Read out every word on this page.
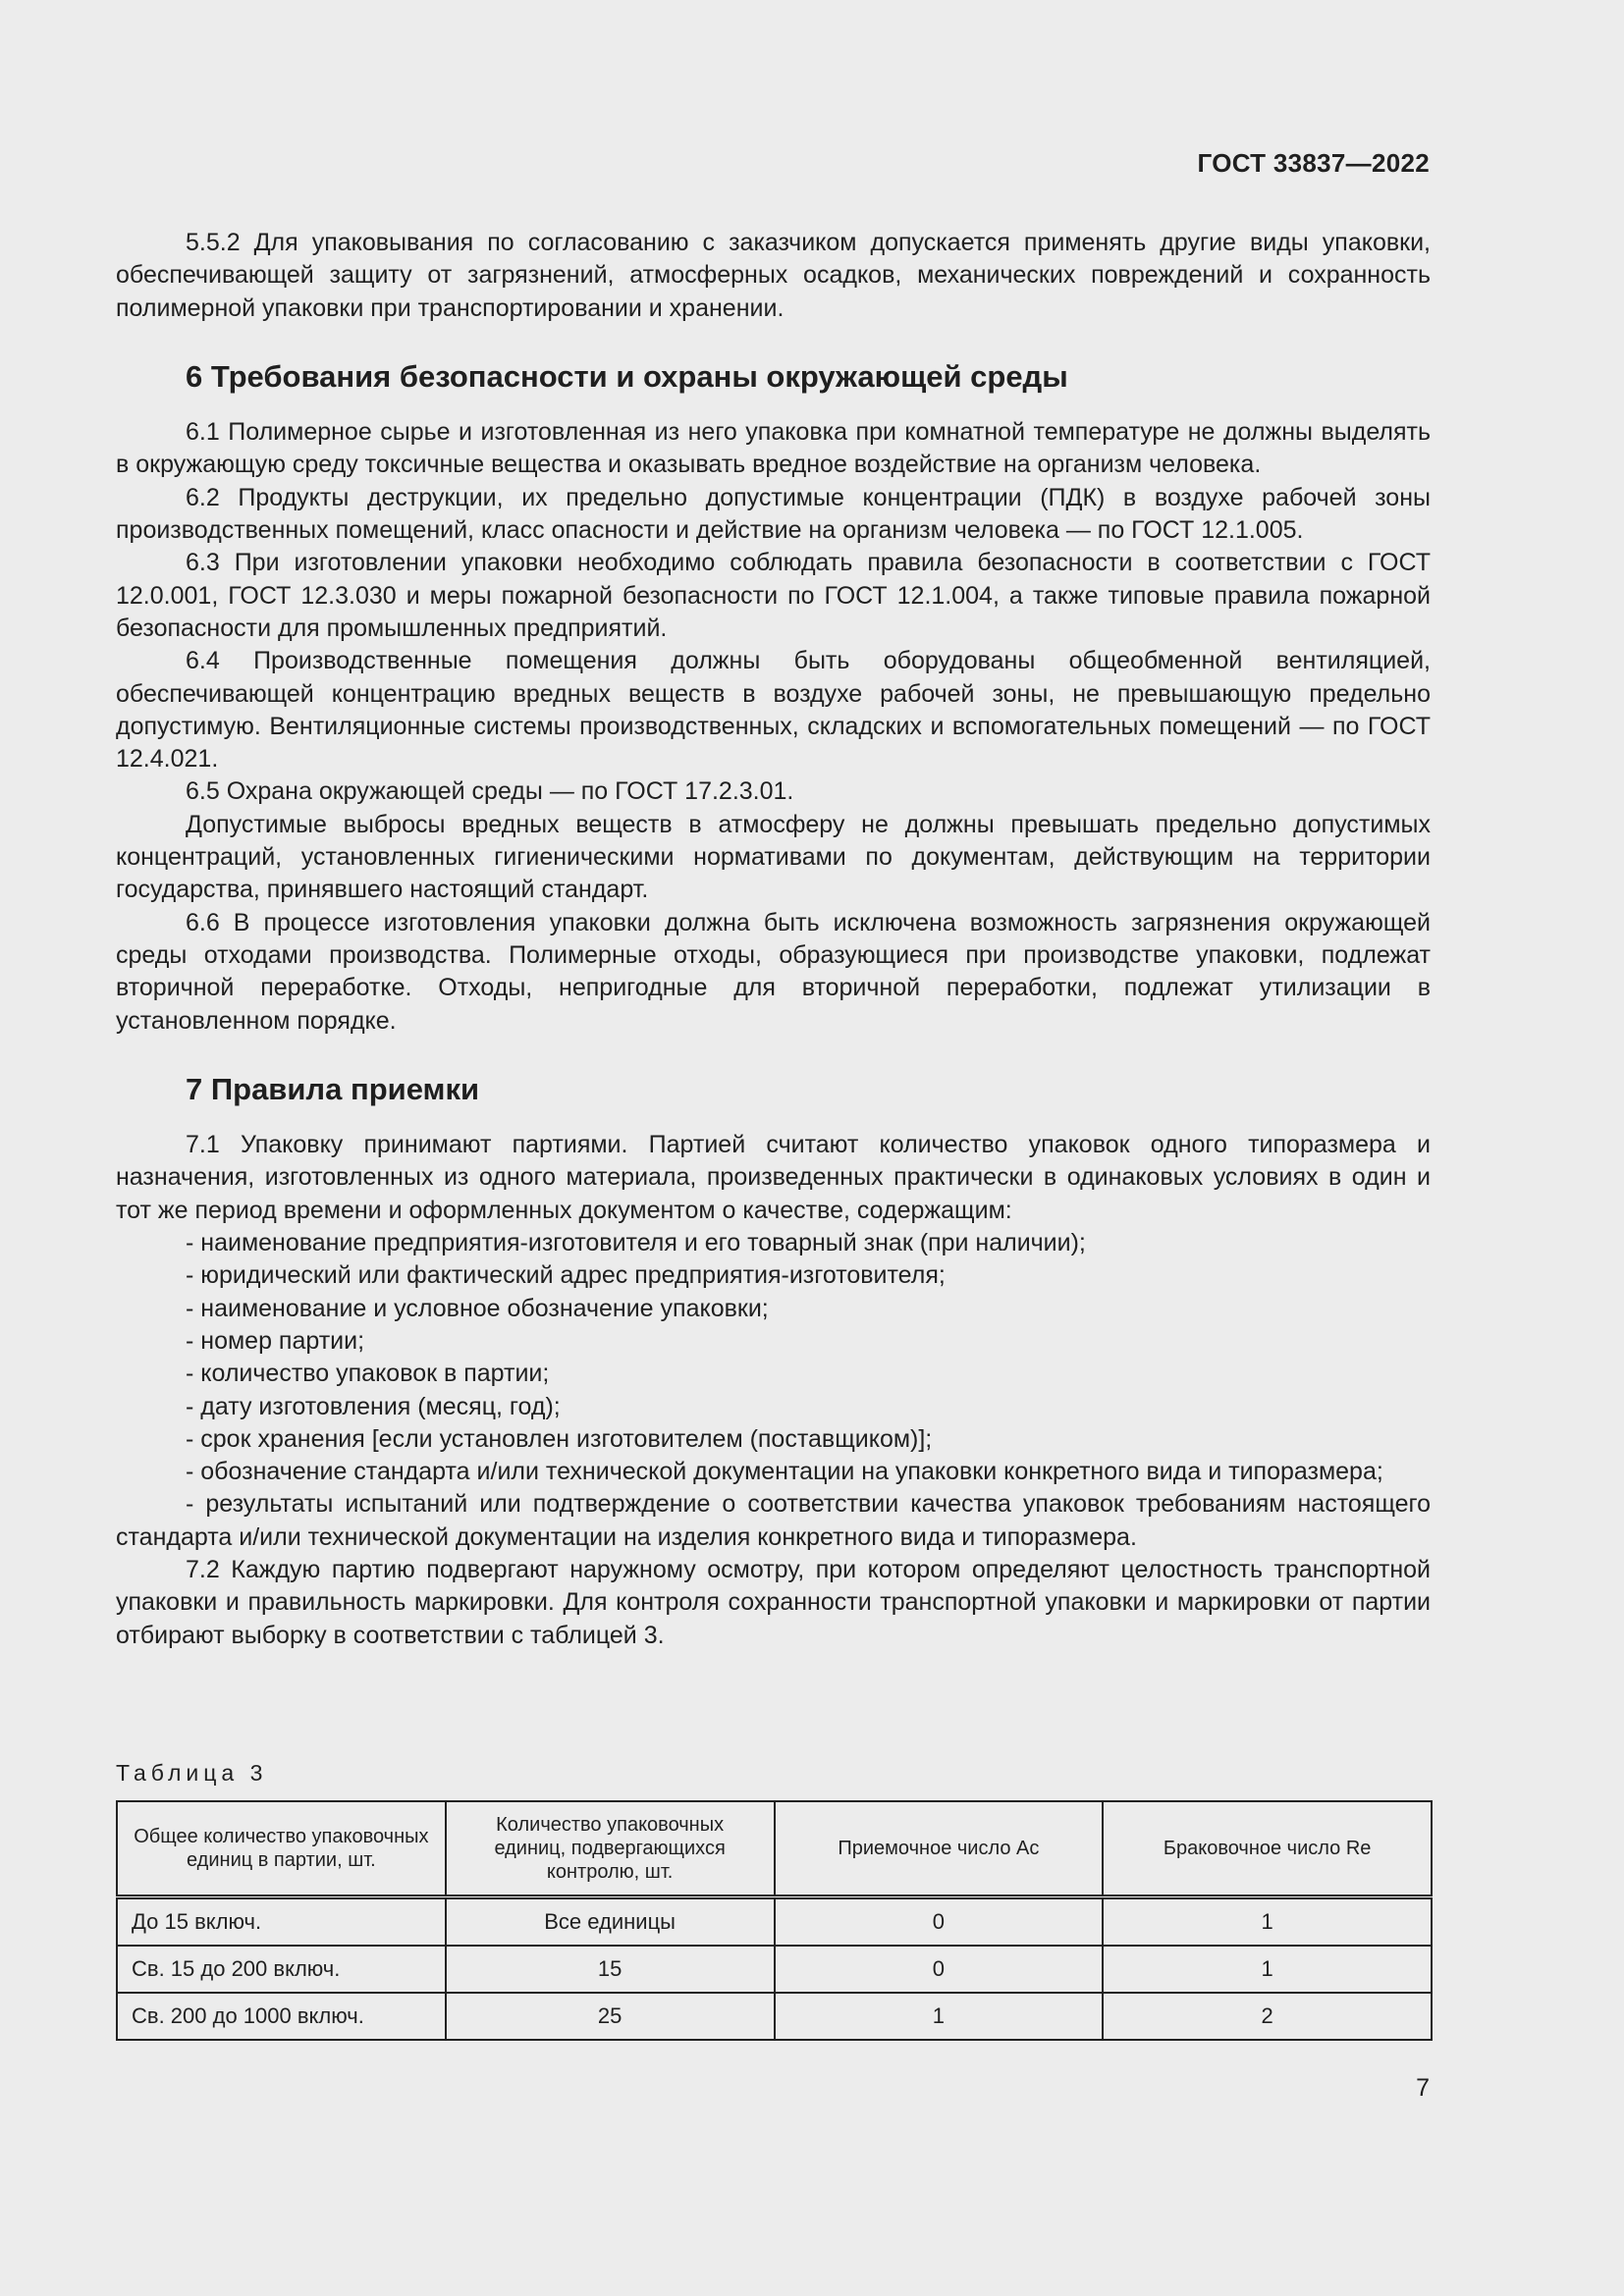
ГОСТ 33837—2022

5.5.2 Для упаковывания по согласованию с заказчиком допускается применять другие виды упаковки, обеспечивающей защиту от загрязнений, атмосферных осадков, механических повреждений и сохранность полимерной упаковки при транспортировании и хранении.

6 Требования безопасности и охраны окружающей среды

6.1 Полимерное сырье и изготовленная из него упаковка при комнатной температуре не должны выделять в окружающую среду токсичные вещества и оказывать вредное воздействие на организм человека.

6.2 Продукты деструкции, их предельно допустимые концентрации (ПДК) в воздухе рабочей зоны производственных помещений, класс опасности и действие на организм человека — по ГОСТ 12.1.005.

6.3 При изготовлении упаковки необходимо соблюдать правила безопасности в соответствии с ГОСТ 12.0.001, ГОСТ 12.3.030 и меры пожарной безопасности по ГОСТ 12.1.004, а также типовые правила пожарной безопасности для промышленных предприятий.

6.4 Производственные помещения должны быть оборудованы общеобменной вентиляцией, обеспечивающей концентрацию вредных веществ в воздухе рабочей зоны, не превышающую предельно допустимую. Вентиляционные системы производственных, складских и вспомогательных помещений — по ГОСТ 12.4.021.

6.5 Охрана окружающей среды — по ГОСТ 17.2.3.01.

Допустимые выбросы вредных веществ в атмосферу не должны превышать предельно допустимых концентраций, установленных гигиеническими нормативами по документам, действующим на территории государства, принявшего настоящий стандарт.

6.6 В процессе изготовления упаковки должна быть исключена возможность загрязнения окружающей среды отходами производства. Полимерные отходы, образующиеся при производстве упаковки, подлежат вторичной переработке. Отходы, непригодные для вторичной переработки, подлежат утилизации в установленном порядке.

7 Правила приемки

7.1 Упаковку принимают партиями. Партией считают количество упаковок одного типоразмера и назначения, изготовленных из одного материала, произведенных практически в одинаковых условиях в один и тот же период времени и оформленных документом о качестве, содержащим:

- наименование предприятия-изготовителя и его товарный знак (при наличии);

- юридический или фактический адрес предприятия-изготовителя;

- наименование и условное обозначение упаковки;

- номер партии;

- количество упаковок в партии;

- дату изготовления (месяц, год);

- срок хранения [если установлен изготовителем (поставщиком)];

- обозначение стандарта и/или технической документации на упаковки конкретного вида и типоразмера;

- результаты испытаний или подтверждение о соответствии качества упаковок требованиям настоящего стандарта и/или технической документации на изделия конкретного вида и типоразмера.

7.2 Каждую партию подвергают наружному осмотру, при котором определяют целостность транспортной упаковки и правильность маркировки. Для контроля сохранности транспортной упаковки и маркировки от партии отбирают выборку в соответствии с таблицей 3.

Таблица 3
Общее количество упаковочных единиц в партии, шт.	Количество упаковочных единиц, подвергающихся контролю, шт.	Приемочное число Ас	Браковочное число Re
До 15 включ.	Все единицы	0	1
Св. 15 до 200 включ.	15	0	1
Св. 200 до 1000 включ.	25	1	2
7
